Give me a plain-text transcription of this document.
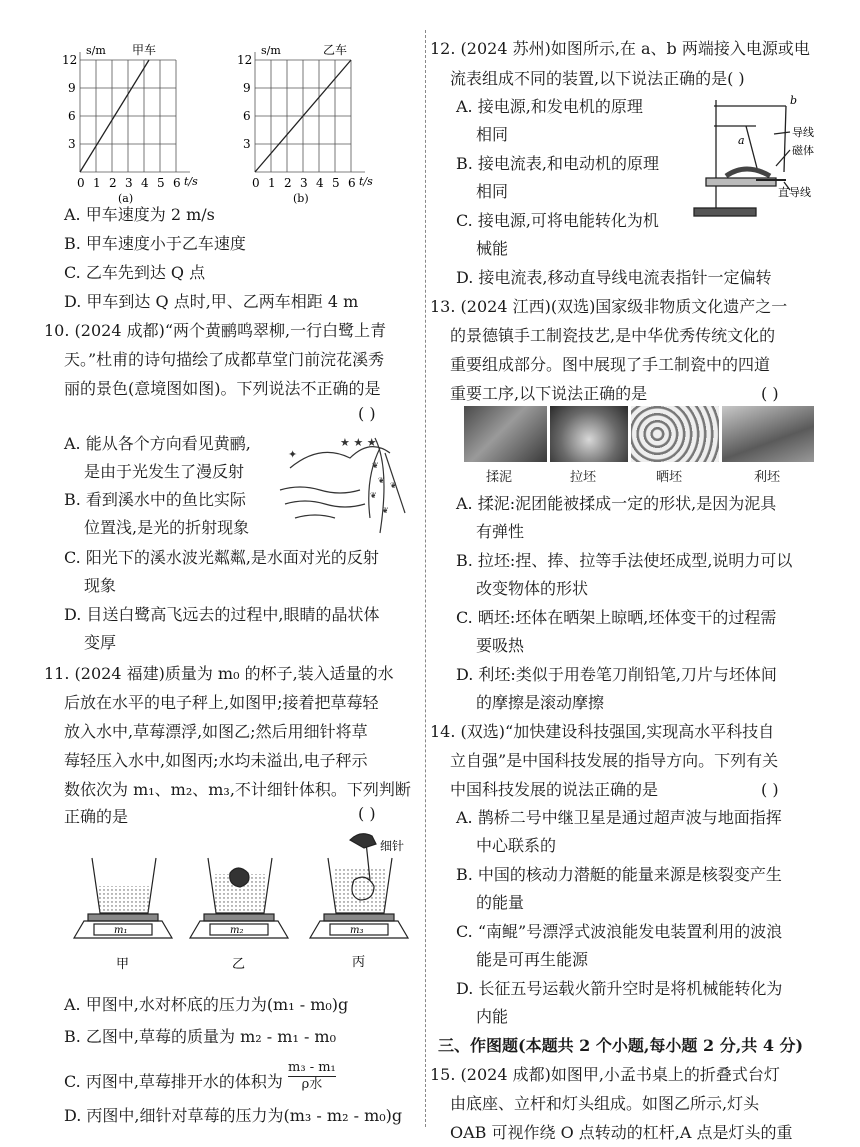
s/m 甲车
12
9
6
3
0 1 2 3 4 5 6 t/s
(a)
s/m	乙车
12
9
6
3
0 1 2 3 4 5 6 t/s
(b)
A. 甲车速度为 2 m/s
B. 甲车速度小于乙车速度
C. 乙车先到达 Q 点
D. 甲车到达 Q 点时,甲、乙两车相距 4 m
10. (2024 成都)“两个黄鹂鸣翠柳,一行白鹭上青
天。”杜甫的诗句描绘了成都草堂门前浣花溪秀
丽的景色(意境图如图)。下列说法不正确的是
( )
A. 能从各个方向看见黄鹂,
是由于光发生了漫反射
B. 看到溪水中的鱼比实际
位置浅,是光的折射现象
★ ★ ★
✦
❦
❦
❦
❦
❦
C. 阳光下的溪水波光粼粼,是水面对光的反射
现象
D. 目送白鹭高飞远去的过程中,眼睛的晶状体
变厚
11. (2024 福建)质量为 m₀ 的杯子,装入适量的水
后放在水平的电子秤上,如图甲;接着把草莓轻
放入水中,草莓漂浮,如图乙;然后用细针将草
莓轻压入水中,如图丙;水均未溢出,电子秤示
数依次为 m₁、m₂、m₃,不计细针体积。下列判断
正确的是	( )
细针
m₁	m₂	m₃
甲	乙	丙
A. 甲图中,水对杯底的压力为(m₁ - m₀)g
B. 乙图中,草莓的质量为 m₂ - m₁ - m₀
C. 丙图中,草莓排开水的体积为
m₃ - m₁
ρ水
D. 丙图中,细针对草莓的压力为(m₃ - m₂ - m₀)g
12. (2024 苏州)如图所示,在 a、b 两端接入电源或电
流表组成不同的装置,以下说法正确的是( )
A. 接电源,和发电机的原理
相同
B. 接电流表,和电动机的原理
相同
C. 接电源,可将电能转化为机
械能
b
a
导线
磁体
直导线
D. 接电流表,移动直导线电流表指针一定偏转
13. (2024 江西)(双选)国家级非物质文化遗产之一
的景德镇手工制瓷技艺,是中华优秀传统文化的
重要组成部分。图中展现了手工制瓷中的四道
重要工序,以下说法正确的是	( )
揉泥	拉坯	晒坯	利坯
A. 揉泥:泥团能被揉成一定的形状,是因为泥具
有弹性
B. 拉坯:捏、捧、拉等手法使坯成型,说明力可以
改变物体的形状
C. 晒坯:坯体在晒架上晾晒,坯体变干的过程需
要吸热
D. 利坯:类似于用卷笔刀削铅笔,刀片与坯体间
的摩擦是滚动摩擦
14. (双选)“加快建设科技强国,实现高水平科技自
立自强”是中国科技发展的指导方向。下列有关
中国科技发展的说法正确的是	( )
A. 鹊桥二号中继卫星是通过超声波与地面指挥
中心联系的
B. 中国的核动力潜艇的能量来源是核裂变产生
的能量
C. “南鲲”号漂浮式波浪能发电装置利用的波浪
能是可再生能源
D. 长征五号运载火箭升空时是将机械能转化为
内能
三、作图题(本题共 2 个小题,每小题 2 分,共 4 分)
15. (2024 成都)如图甲,小孟书桌上的折叠式台灯
由底座、立杆和灯头组成。如图乙所示,灯头
OAB 可视作绕 O 点转动的杠杆,A 点是灯头的重
